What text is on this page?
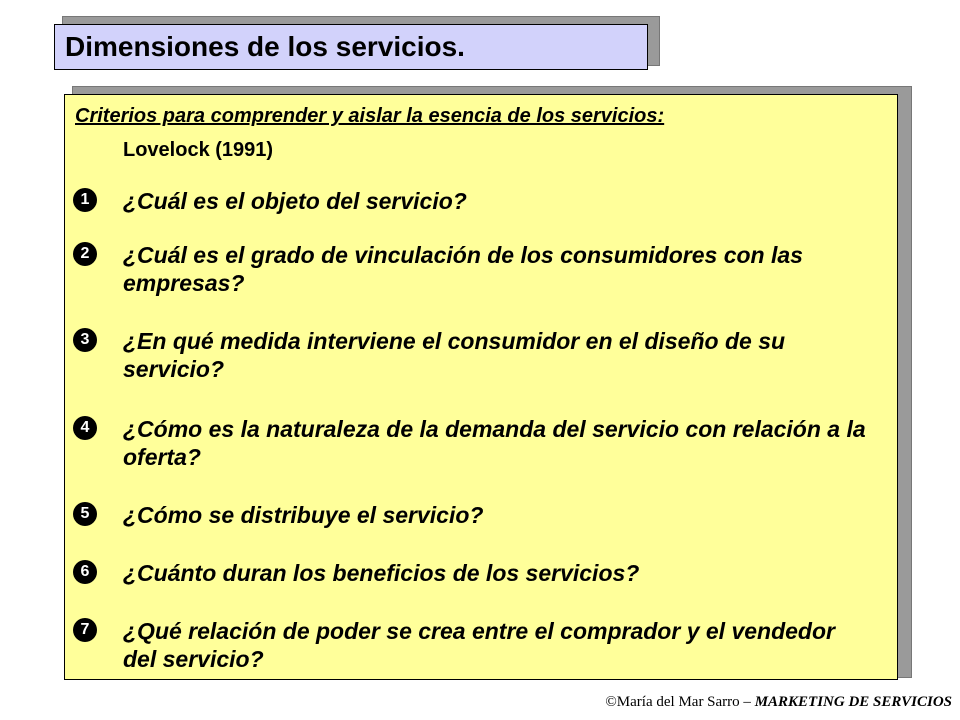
Dimensiones de los servicios.
Criterios para comprender y aislar la esencia de los servicios:
Lovelock (1991)
1	¿Cuál es el objeto del servicio?
2	¿Cuál es el grado de vinculación de los consumidores con las empresas?
3	¿En qué medida interviene el consumidor en el diseño de su servicio?
4	¿Cómo es la naturaleza de la demanda del servicio con relación a la oferta?
5	¿Cómo se distribuye el servicio?
6	¿Cuánto duran los beneficios de los servicios?
7	¿Qué relación de poder se crea entre el comprador y el vendedor del servicio?
©María del Mar Sarro – MARKETING DE SERVICIOS
